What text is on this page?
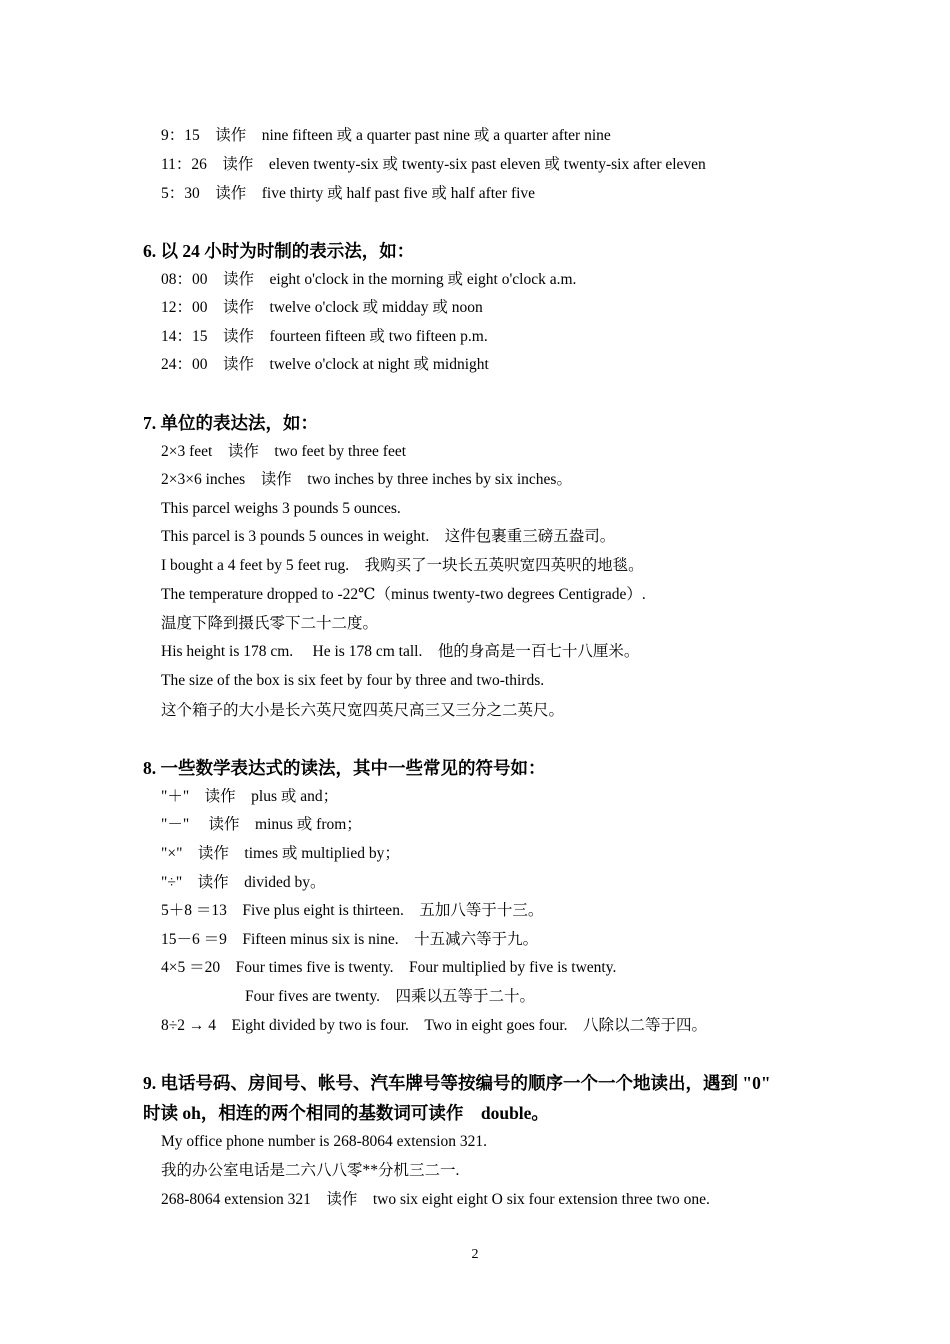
9：15　读作　nine fifteen 或 a quarter past nine 或 a quarter after nine
11：26　读作　eleven twenty-six 或 twenty-six past eleven 或 twenty-six after eleven
5：30　读作　five thirty 或 half past five 或 half after five
6. 以 24 小时为时制的表示法，如：
08：00　读作　eight o'clock in the morning 或 eight o'clock a.m.
12：00　读作　twelve o'clock 或 midday 或 noon
14：15　读作　fourteen fifteen 或 two fifteen p.m.
24：00　读作　twelve o'clock at night 或 midnight
7. 单位的表达法，如：
2×3 feet　读作　two feet by three feet
2×3×6 inches　读作　two inches by three inches by six inches。
This parcel weighs 3 pounds 5 ounces.
This parcel is 3 pounds 5 ounces in weight.　这件包裹重三磅五盎司。
I bought a 4 feet by 5 feet rug.　我购买了一块长五英呎宽四英呎的地毯。
The temperature dropped to -22℃（minus twenty-two degrees Centigrade）.
温度下降到摄氏零下二十二度。
His height is 178 cm.　 He is 178 cm tall.　他的身高是一百七十八厘米。
The size of the box is six feet by four by three and two-thirds.
这个箱子的大小是长六英尺宽四英尺高三又三分之二英尺。
8. 一些数学表达式的读法，其中一些常见的符号如：
"＋"　读作　plus 或 and；
"－"　 读作　minus 或 from；
"×"　读作　times 或 multiplied by；
"÷"　读作　divided by。
5＋8 ＝13　Five plus eight is thirteen.　五加八等于十三。
15－6 ＝9　Fifteen minus six is nine.　十五减六等于九。
4×5 ＝20　Four times five is twenty.　Four multiplied by five is twenty.
Four fives are twenty.　四乘以五等于二十。
8÷2 → 4　Eight divided by two is four.　Two in eight goes four.　八除以二等于四。
9. 电话号码、房间号、帐号、汽车牌号等按编号的顺序一个一个地读出，遇到 "0"
时读 oh，相连的两个相同的基数词可读作　double。
My office phone number is 268-8064 extension 321.
我的办公室电话是二六八八零**分机三二一.
268-8064 extension 321　读作　two six eight eight O six four extension three two one.
2
